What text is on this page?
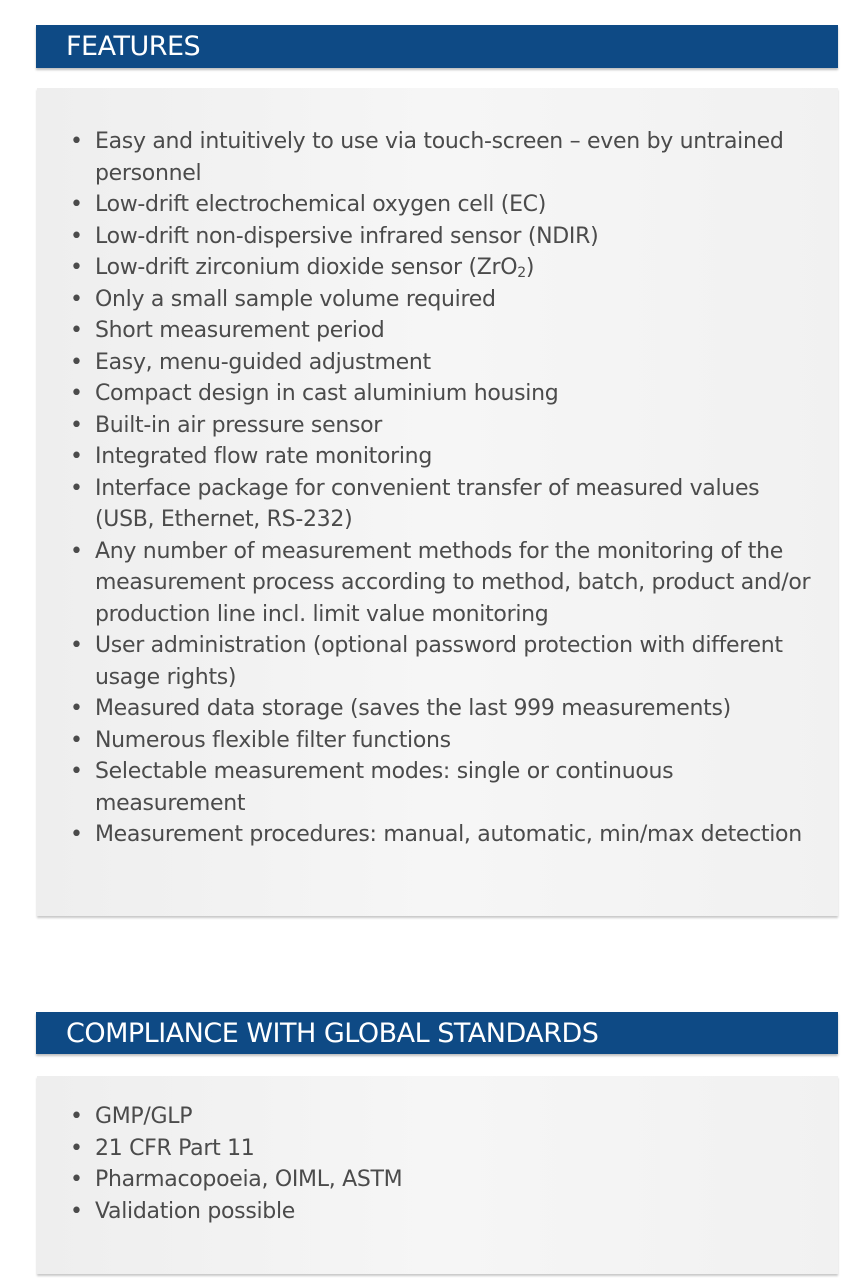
FEATURES
• Easy and intuitively to use via touch-screen – even by untrained personnel
• Low-drift electrochemical oxygen cell (EC)
• Low-drift non-dispersive infrared sensor (NDIR)
• Low-drift zirconium dioxide sensor (ZrO$_2$)
• Only a small sample volume required
• Short measurement period
• Easy, menu-guided adjustment
• Compact design in cast aluminium housing
• Built-in air pressure sensor
• Integrated flow rate monitoring
• Interface package for convenient transfer of measured values (USB, Ethernet, RS-232)
• Any number of measurement methods for the monitoring of the measurement process according to method, batch, product and/or production line incl. limit value monitoring
• User administration (optional password protection with different usage rights)
• Measured data storage (saves the last 999 measurements)
• Numerous flexible filter functions
• Selectable measurement modes: single or continuous measurement
• Measurement procedures: manual, automatic, min/max detection
COMPLIANCE WITH GLOBAL STANDARDS
• GMP/GLP
• 21 CFR Part 11
• Pharmacopoeia, OIML, ASTM
• Validation possible
